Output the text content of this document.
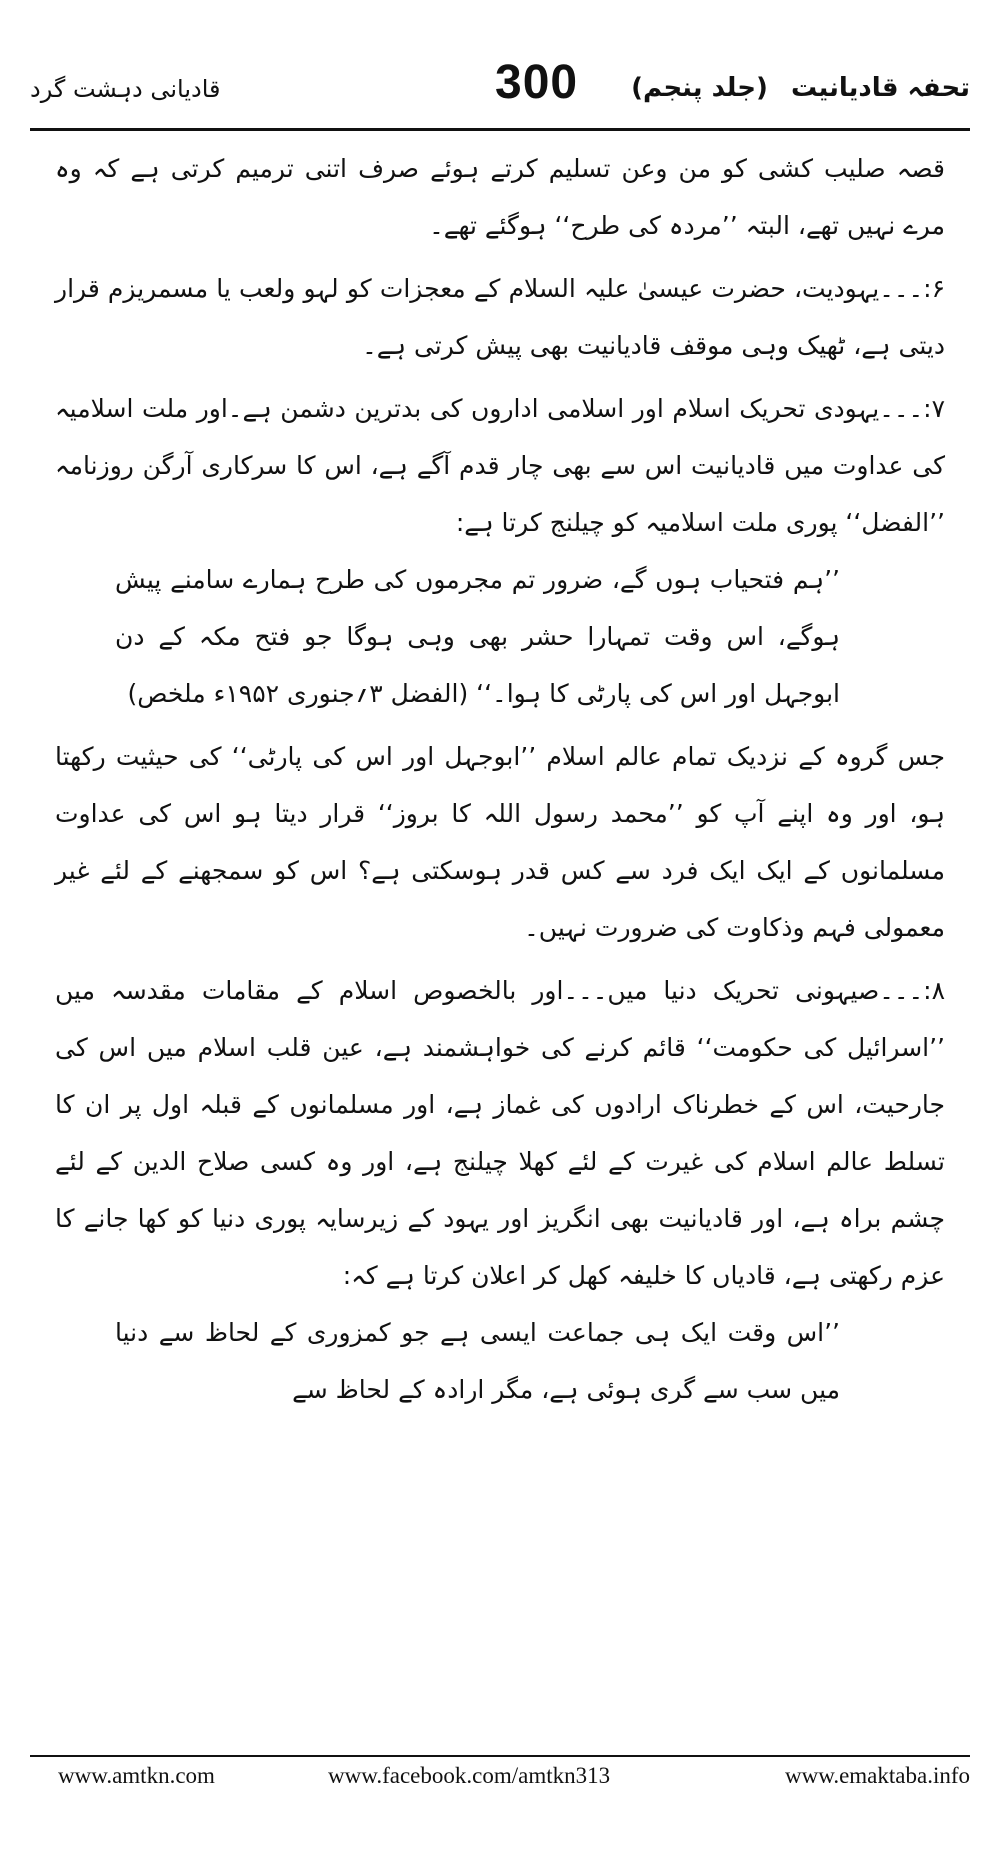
تحفہ قادیانیت (جلد پنجم)
300
قادیانی دہشت گرد

قصہ صلیب کشی کو من وعن تسلیم کرتے ہوئے صرف اتنی ترمیم کرتی ہے کہ وہ مرے نہیں تھے، البتہ ’’مردہ کی طرح‘‘ ہوگئے تھے۔

۶:۔۔۔یہودیت، حضرت عیسیٰ علیہ السلام کے معجزات کو لہو ولعب یا مسمریزم قرار دیتی ہے، ٹھیک وہی موقف قادیانیت بھی پیش کرتی ہے۔

۷:۔۔۔یہودی تحریک اسلام اور اسلامی اداروں کی بدترین دشمن ہے۔اور ملت اسلامیہ کی عداوت میں قادیانیت اس سے بھی چار قدم آگے ہے، اس کا سرکاری آرگن روزنامہ ’’الفضل‘‘ پوری ملت اسلامیہ کو چیلنج کرتا ہے:

’’ہم فتحیاب ہوں گے، ضرور تم مجرموں کی طرح ہمارے سامنے پیش ہوگے، اس وقت تمہارا حشر بھی وہی ہوگا جو فتح مکہ کے دن ابوجہل اور اس کی پارٹی کا ہوا۔‘‘ (الفضل ۳؍جنوری ۱۹۵۲ء ملخص)

جس گروہ کے نزدیک تمام عالم اسلام ’’ابوجہل اور اس کی پارٹی‘‘ کی حیثیت رکھتا ہو، اور وہ اپنے آپ کو ’’محمد رسول اللہ کا بروز‘‘ قرار دیتا ہو اس کی عداوت مسلمانوں کے ایک ایک فرد سے کس قدر ہوسکتی ہے؟ اس کو سمجھنے کے لئے غیر معمولی فہم وذکاوت کی ضرورت نہیں۔

۸:۔۔۔صیہونی تحریک دنیا میں۔۔۔اور بالخصوص اسلام کے مقامات مقدسہ میں ’’اسرائیل کی حکومت‘‘ قائم کرنے کی خواہشمند ہے، عین قلب اسلام میں اس کی جارحیت، اس کے خطرناک ارادوں کی غماز ہے، اور مسلمانوں کے قبلہ اول پر ان کا تسلط عالم اسلام کی غیرت کے لئے کھلا چیلنج ہے، اور وہ کسی صلاح الدین کے لئے چشم براہ ہے، اور قادیانیت بھی انگریز اور یہود کے زیرسایہ پوری دنیا کو کھا جانے کا عزم رکھتی ہے، قادیاں کا خلیفہ کھل کر اعلان کرتا ہے کہ:

’’اس وقت ایک ہی جماعت ایسی ہے جو کمزوری کے لحاظ سے دنیا میں سب سے گری ہوئی ہے، مگر ارادہ کے لحاظ سے

www.amtkn.com	www.facebook.com/amtkn313	www.emaktaba.info
